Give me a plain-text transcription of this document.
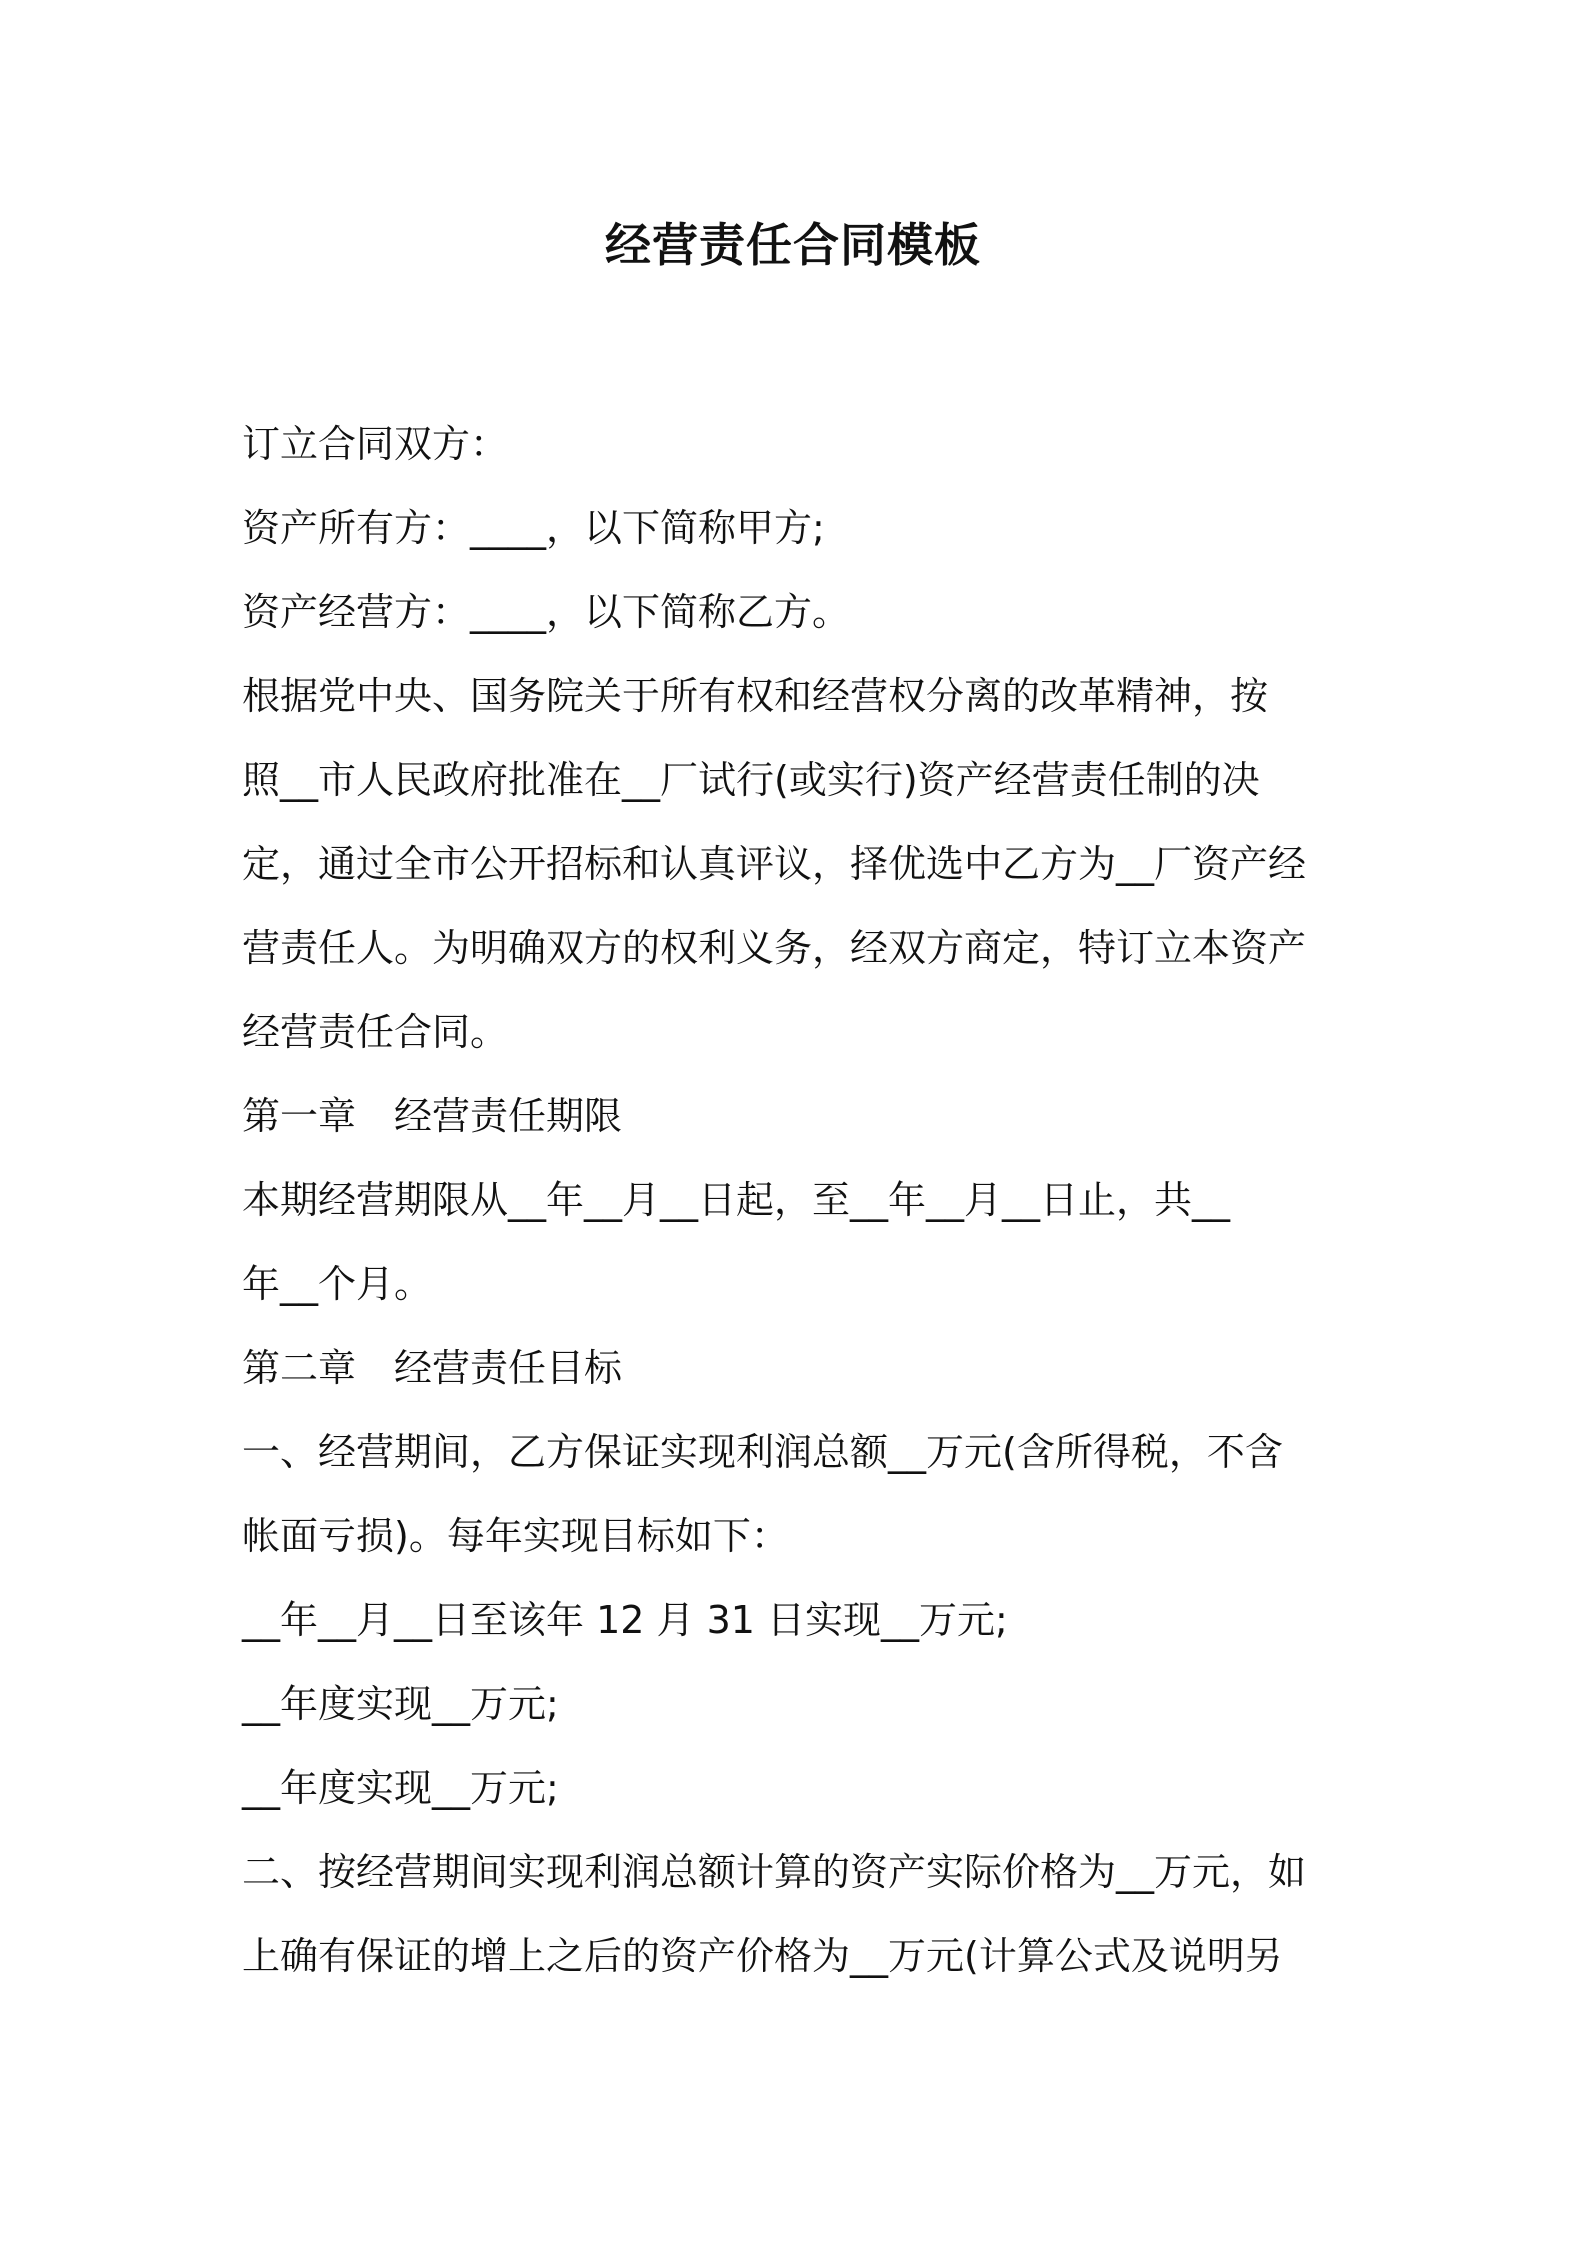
经营责任合同模板

订立合同双方：

资产所有方：____，以下简称甲方;

资产经营方：____，以下简称乙方。

根据党中央、国务院关于所有权和经营权分离的改革精神，按

照__市人民政府批准在__厂试行(或实行)资产经营责任制的决

定，通过全市公开招标和认真评议，择优选中乙方为__厂资产经

营责任人。为明确双方的权利义务，经双方商定，特订立本资产

经营责任合同。

第一章　经营责任期限

本期经营期限从__年__月__日起，至__年__月__日止，共__

年__个月。

第二章　经营责任目标

一、经营期间，乙方保证实现利润总额__万元(含所得税，不含

帐面亏损)。每年实现目标如下：

__年__月__日至该年 12 月 31 日实现__万元;

__年度实现__万元;

__年度实现__万元;

二、按经营期间实现利润总额计算的资产实际价格为__万元，如

上确有保证的增上之后的资产价格为__万元(计算公式及说明另
